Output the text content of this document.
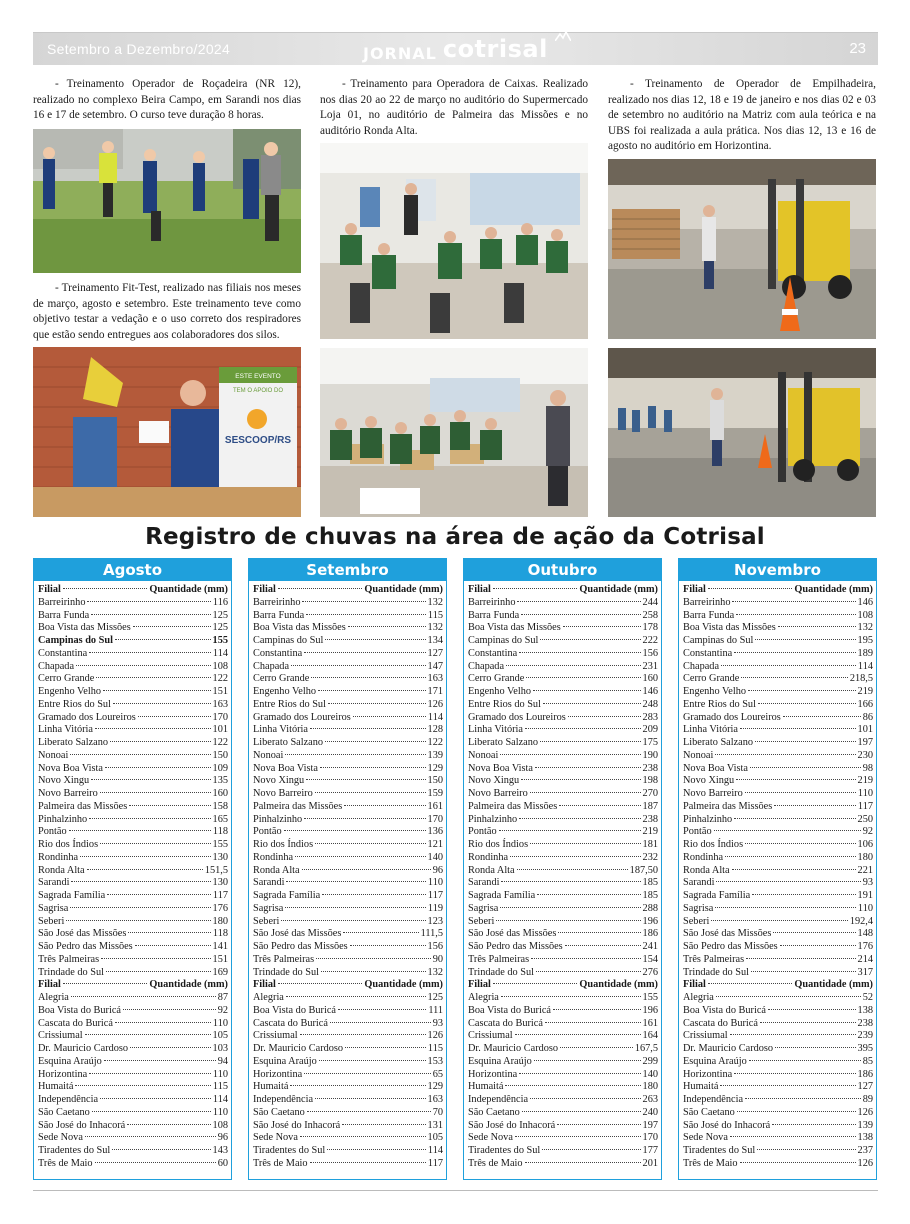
Setembro a Dezembro/2024	JORNAL cotrisal	23

- Treinamento Operador de Roçadeira (NR 12), realizado no complexo Beira Campo, em Sarandi nos dias 16 e 17 de setembro. O curso teve duração 8 horas.

- Treinamento Fit-Test, realizado nas filiais nos meses de março, agosto e setembro. Este treinamento teve como objetivo testar a vedação e o uso correto dos respiradores que estão sendo entregues aos colaboradores dos silos.

ESTE EVENTO
TEM O APOIO DO
SESCOOP/RS

- Treinamento para Operadora de Caixas. Realizado nos dias 20 ao 22 de março no auditório do Supermercado Loja 01, no auditório de Palmeira das Missões e no auditório Ronda Alta.

- Treinamento de Operador de Empilhadeira, realizado nos dias 12, 18 e 19 de janeiro e nos dias 02 e 03 de setembro no auditório na Matriz com aula teórica e na UBS foi realizada a aula prática. Nos dias 12, 13 e 16 de agosto no auditório em Horizontina.

Registro de chuvas na área de ação da Cotrisal
Agosto
Filial	Quantidade (mm)
Barreirinho	116
Barra Funda	125
Boa Vista das Missões	125
Campinas do Sul	155
Constantina	114
Chapada	108
Cerro Grande	122
Engenho Velho	151
Entre Rios do Sul	163
Gramado dos Loureiros	170
Linha Vitória	101
Liberato Salzano	122
Nonoai	150
Nova Boa Vista	109
Novo Xingu	135
Novo Barreiro	160
Palmeira das Missões	158
Pinhalzinho	165
Pontão	118
Rio dos Índios	155
Rondinha	130
Ronda Alta	151,5
Sarandi	130
Sagrada Família	117
Sagrisa	176
Seberi	180
São José das Missões	118
São Pedro das Missões	141
Três Palmeiras	151
Trindade do Sul	169
Filial	Quantidade (mm)
Alegria	87
Boa Vista do Buricá	92
Cascata do Buricá	110
Crissiumal	105
Dr. Mauricio Cardoso	103
Esquina Araújo	94
Horizontina	110
Humaitá	115
Independência	114
São Caetano	110
São José do Inhacorá	108
Sede Nova	96
Tiradentes do Sul	143
Três de Maio	60
Setembro
Filial	Quantidade (mm)
Barreirinho	132
Barra Funda	115
Boa Vista das Missões	132
Campinas do Sul	134
Constantina	127
Chapada	147
Cerro Grande	163
Engenho Velho	171
Entre Rios do Sul	126
Gramado dos Loureiros	114
Linha Vitória	128
Liberato Salzano	122
Nonoai	139
Nova Boa Vista	129
Novo Xingu	150
Novo Barreiro	159
Palmeira das Missões	161
Pinhalzinho	170
Pontão	136
Rio dos Índios	121
Rondinha	140
Ronda Alta	96
Sarandi	110
Sagrada Família	117
Sagrisa	119
Seberi	123
São José das Missões	111,5
São Pedro das Missões	156
Três Palmeiras	90
Trindade do Sul	132
Filial	Quantidade (mm)
Alegria	125
Boa Vista do Buricá	111
Cascata do Buricá	93
Crissiumal	126
Dr. Mauricio Cardoso	115
Esquina Araújo	153
Horizontina	65
Humaitá	129
Independência	163
São Caetano	70
São José do Inhacorá	131
Sede Nova	105
Tiradentes do Sul	114
Três de Maio	117
Outubro
Filial	Quantidade (mm)
Barreirinho	244
Barra Funda	258
Boa Vista das Missões	178
Campinas do Sul	222
Constantina	156
Chapada	231
Cerro Grande	160
Engenho Velho	146
Entre Rios do Sul	248
Gramado dos Loureiros	283
Linha Vitória	209
Liberato Salzano	175
Nonoai	190
Nova Boa Vista	238
Novo Xingu	198
Novo Barreiro	270
Palmeira das Missões	187
Pinhalzinho	238
Pontão	219
Rio dos Índios	181
Rondinha	232
Ronda Alta	187,50
Sarandi	185
Sagrada Família	185
Sagrisa	288
Seberi	196
São José das Missões	186
São Pedro das Missões	241
Três Palmeiras	154
Trindade do Sul	276
Filial	Quantidade (mm)
Alegria	155
Boa Vista do Buricá	196
Cascata do Buricá	161
Crissiumal	164
Dr. Mauricio Cardoso	167,5
Esquina Araújo	299
Horizontina	140
Humaitá	180
Independência	263
São Caetano	240
São José do Inhacorá	197
Sede Nova	170
Tiradentes do Sul	177
Três de Maio	201
Novembro
Filial	Quantidade (mm)
Barreirinho	146
Barra Funda	108
Boa Vista das Missões	132
Campinas do Sul	195
Constantina	189
Chapada	114
Cerro Grande	218,5
Engenho Velho	219
Entre Rios do Sul	166
Gramado dos Loureiros	86
Linha Vitória	101
Liberato Salzano	197
Nonoai	230
Nova Boa Vista	98
Novo Xingu	219
Novo Barreiro	110
Palmeira das Missões	117
Pinhalzinho	250
Pontão	92
Rio dos Índios	106
Rondinha	180
Ronda Alta	221
Sarandi	93
Sagrada Família	191
Sagrisa	110
Seberi	192,4
São José das Missões	148
São Pedro das Missões	176
Três Palmeiras	214
Trindade do Sul	317
Filial	Quantidade (mm)
Alegria	52
Boa Vista do Buricá	138
Cascata do Buricá	238
Crissiumal	239
Dr. Mauricio Cardoso	395
Esquina Araújo	85
Horizontina	186
Humaitá	127
Independência	89
São Caetano	126
São José do Inhacorá	139
Sede Nova	138
Tiradentes do Sul	237
Três de Maio	126
